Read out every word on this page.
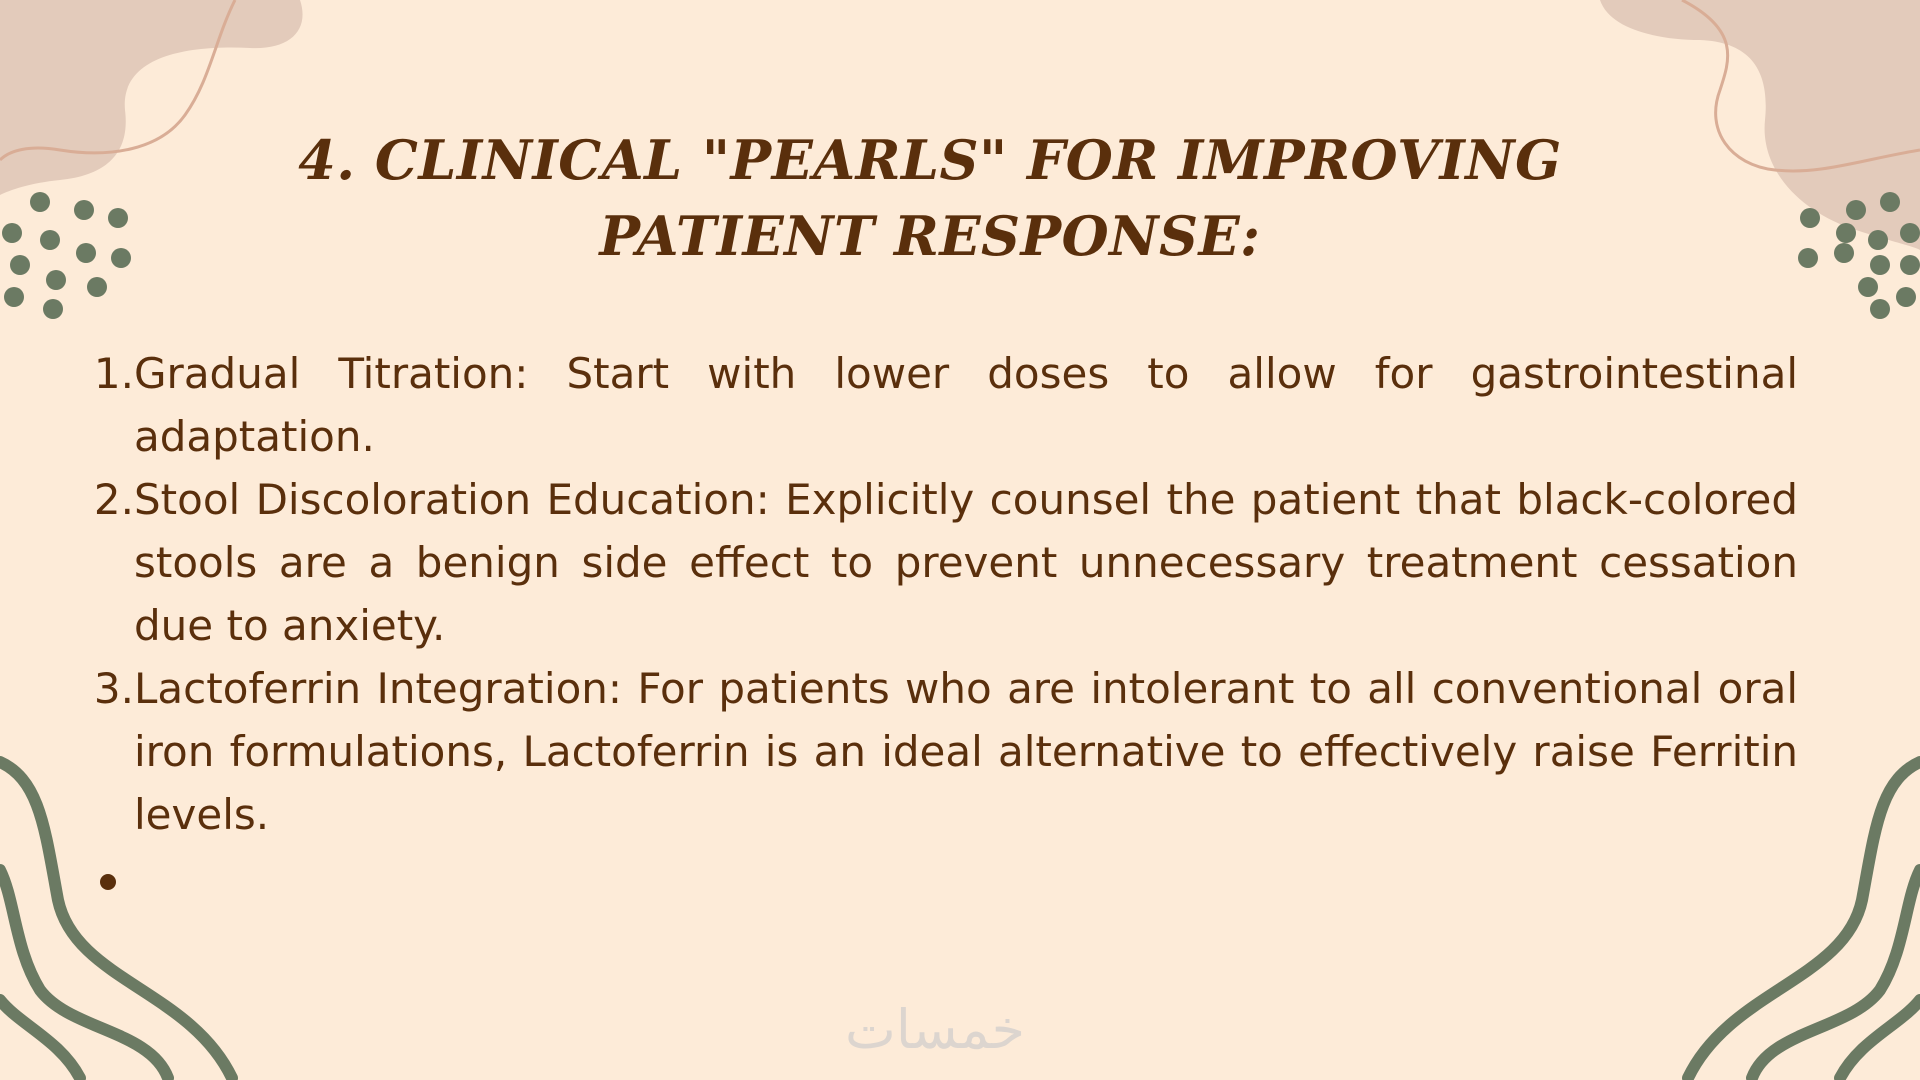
4. CLINICAL "PEARLS" FOR IMPROVING
PATIENT RESPONSE:
1. Gradual Titration: Start with lower doses to allow for gastrointestinal adaptation.
2. Stool Discoloration Education: Explicitly counsel the patient that black-colored stools are a benign side effect to prevent unnecessary treatment cessation due to anxiety.
3. Lactoferrin Integration: For patients who are intolerant to all conventional oral iron formulations, Lactoferrin is an ideal alternative to effectively raise Ferritin levels.
خمسات
